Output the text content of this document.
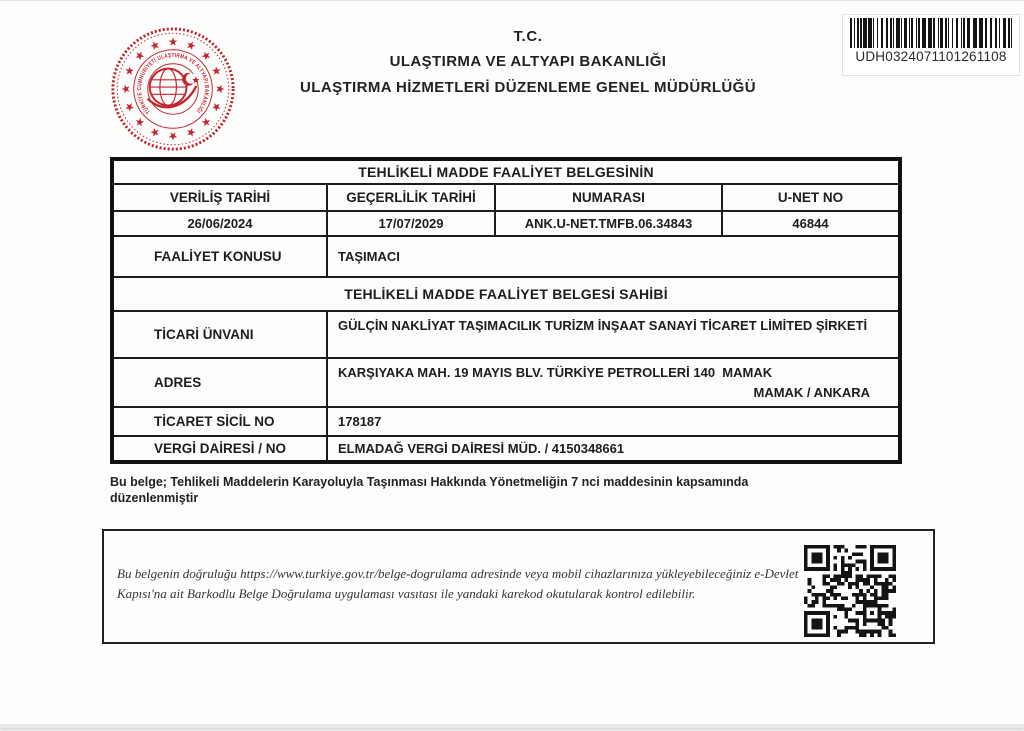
TÜRKİYE CUMHURİYETİ ULAŞTIRMA VE ALTYAPI BAKANLIĞI
T.C.
ULAŞTIRMA VE ALTYAPI BAKANLIĞI
ULAŞTIRMA HİZMETLERİ DÜZENLEME GENEL MÜDÜRLÜĞÜ
UDH0324071101261108
TEHLİKELİ MADDE FAALİYET BELGESİNİN			
VERİLİŞ TARİHİ	GEÇERLİLİK TARİHİ	NUMARASI	U-NET NO
26/06/2024	17/07/2029	ANK.U-NET.TMFB.06.34843	46844
FAALİYET KONUSU	TAŞIMACI		
TEHLİKELİ MADDE FAALİYET BELGESİ SAHİBİ			
TİCARİ ÜNVANI	GÜLÇİN NAKLİYAT TAŞIMACILIK TURİZM İNŞAAT SANAYİ TİCARET LİMİTED ŞİRKETİ		

ADRES	KARŞIYAKA MAH. 19 MAYIS BLV. TÜRKİYE PETROLLERİ 140  MAMAK
MAMAK / ANKARA		

TİCARET SİCİL NO	178187		
VERGİ DAİRESİ / NO	ELMADAĞ VERGİ DAİRESİ MÜD. / 4150348661		
Bu belge; Tehlikeli Maddelerin Karayoluyla Taşınması Hakkında Yönetmeliğin 7 nci maddesinin kapsamında düzenlenmiştir
Bu belgenin doğruluğu https://www.turkiye.gov.tr/belge-dogrulama adresinde veya mobil cihazlarınıza yükleyebileceğiniz e-Devlet Kapısı'na ait Barkodlu Belge Doğrulama uygulaması vasıtası ile yandaki karekod okutularak kontrol edilebilir.
